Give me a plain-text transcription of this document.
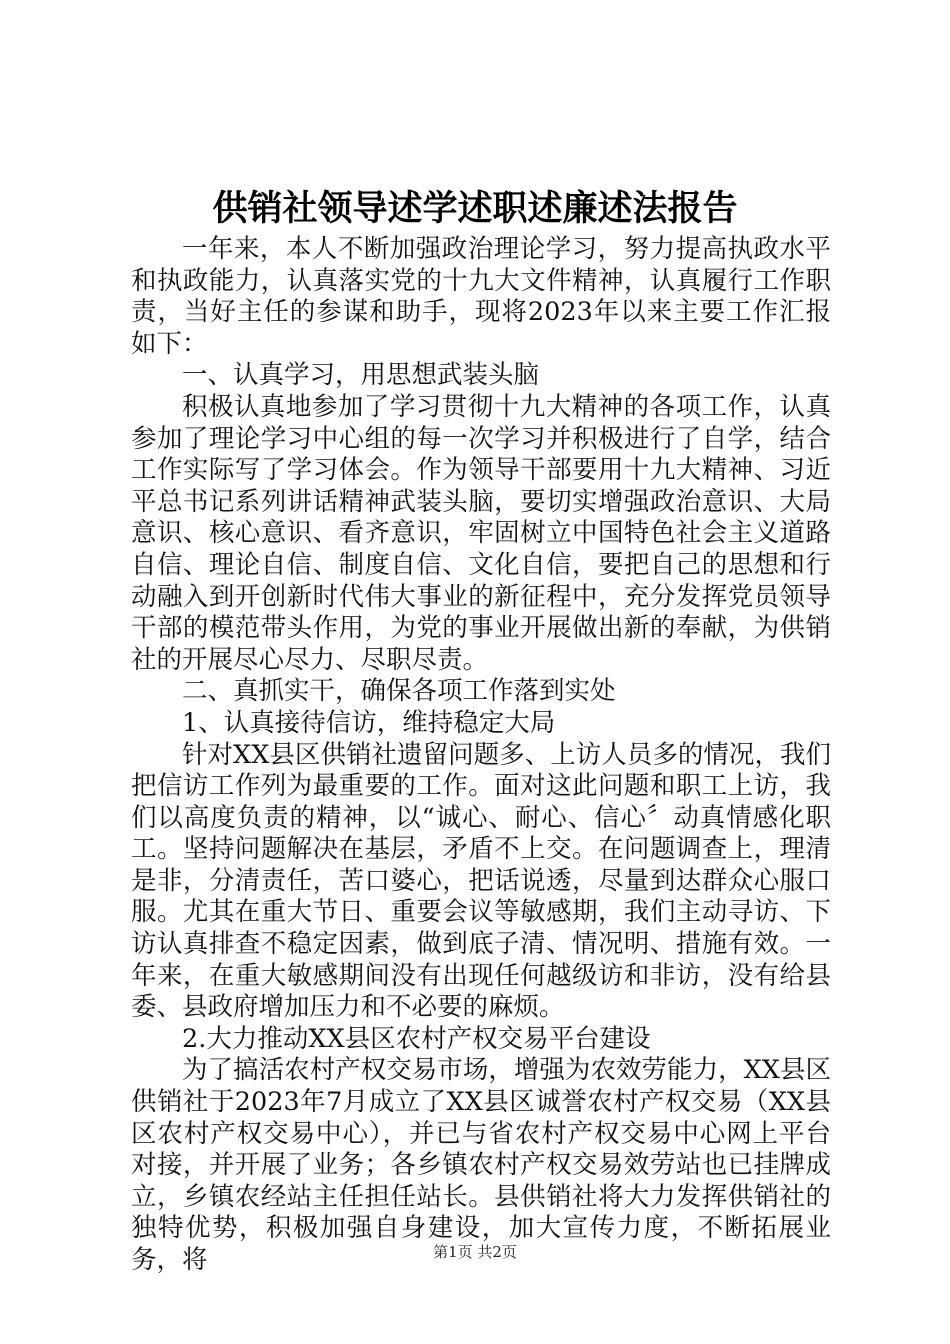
供销社领导述学述职述廉述法报告

一年来，本人不断加强政治理论学习，努力提高执政水平和执政能力，认真落实党的十九大文件精神，认真履行工作职责，当好主任的参谋和助手，现将2023年以来主要工作汇报如下：

一、认真学习，用思想武装头脑

积极认真地参加了学习贯彻十九大精神的各项工作，认真参加了理论学习中心组的每一次学习并积极进行了自学，结合工作实际写了学习体会。作为领导干部要用十九大精神、习近平总书记系列讲话精神武装头脑，要切实增强政治意识、大局意识、核心意识、看齐意识，牢固树立中国特色社会主义道路自信、理论自信、制度自信、文化自信，要把自己的思想和行动融入到开创新时代伟大事业的新征程中，充分发挥党员领导干部的模范带头作用，为党的事业开展做出新的奉献，为供销社的开展尽心尽力、尽职尽责。

二、真抓实干，确保各项工作落到实处

1、认真接待信访，维持稳定大局

针对XX县区供销社遗留问题多、上访人员多的情况，我们把信访工作列为最重要的工作。面对这此问题和职工上访，我们以高度负责的精神，以“诚心、耐心、信心〞动真情感化职工。坚持问题解决在基层，矛盾不上交。在问题调查上，理清是非，分清责任，苦口婆心，把话说透，尽量到达群众心服口服。尤其在重大节日、重要会议等敏感期，我们主动寻访、下访认真排查不稳定因素，做到底子清、情况明、措施有效。一年来，在重大敏感期间没有出现任何越级访和非访，没有给县委、县政府增加压力和不必要的麻烦。

2.大力推动XX县区农村产权交易平台建设

为了搞活农村产权交易市场，增强为农效劳能力，XX县区供销社于2023年7月成立了XX县区诚誉农村产权交易（XX县区农村产权交易中心），并已与省农村产权交易中心网上平台对接，并开展了业务；各乡镇农村产权交易效劳站也已挂牌成立，乡镇农经站主任担任站长。县供销社将大力发挥供销社的独特优势，积极加强自身建设，加大宣传力度，不断拓展业务，将	第1页 共2页
